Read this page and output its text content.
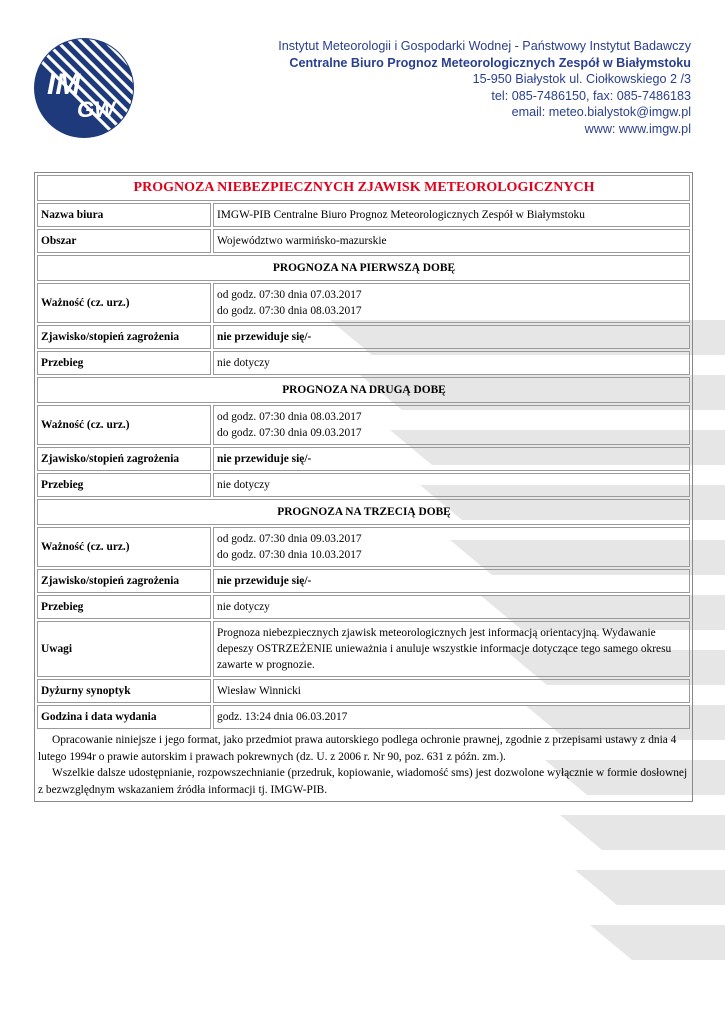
IM
GW
Instytut Meteorologii i Gospodarki Wodnej - Państwowy Instytut Badawczy
Centralne Biuro Prognoz Meteorologicznych Zespół w Białymstoku
15-950 Białystok ul. Ciołkowskiego 2 /3
tel: 085-7486150, fax: 085-7486183
email: meteo.bialystok@imgw.pl
www: www.imgw.pl
PROGNOZA NIEBEZPIECZNYCH ZJAWISK METEOROLOGICZNYCH	
Nazwa biura	IMGW-PIB Centralne Biuro Prognoz Meteorologicznych Zespół w Białymstoku
Obszar	Województwo warmińsko-mazurskie
PROGNOZA NA PIERWSZĄ DOBĘ	
Ważność (cz. urz.)	od godz. 07:30 dnia 07.03.2017
do godz. 07:30 dnia 08.03.2017

Zjawisko/stopień zagrożenia	nie przewiduje się/-
Przebieg	nie dotyczy
PROGNOZA NA DRUGĄ DOBĘ	
Ważność (cz. urz.)	od godz. 07:30 dnia 08.03.2017
do godz. 07:30 dnia 09.03.2017

Zjawisko/stopień zagrożenia	nie przewiduje się/-
Przebieg	nie dotyczy
PROGNOZA NA TRZECIĄ DOBĘ	
Ważność (cz. urz.)	od godz. 07:30 dnia 09.03.2017
do godz. 07:30 dnia 10.03.2017

Zjawisko/stopień zagrożenia	nie przewiduje się/-
Przebieg	nie dotyczy
Uwagi	Prognoza niebezpiecznych zjawisk meteorologicznych jest informacją orientacyjną. Wydawanie depeszy OSTRZEŻENIE unieważnia i anuluje wszystkie informacje dotyczące tego samego okresu zawarte w prognozie.
Dyżurny synoptyk	Wiesław Winnicki
Godzina i data wydania	godz. 13:24 dnia 06.03.2017

Opracowanie niniejsze i jego format, jako przedmiot prawa autorskiego podlega ochronie prawnej, zgodnie z przepisami ustawy z dnia 4 lutego 1994r o prawie autorskim i prawach pokrewnych (dz. U. z 2006 r. Nr 90, poz. 631 z późn. zm.).

Wszelkie dalsze udostępnianie, rozpowszechnianie (przedruk, kopiowanie, wiadomość sms) jest dozwolone wyłącznie w formie dosłownej z bezwzględnym wskazaniem źródła informacji tj. IMGW-PIB.
